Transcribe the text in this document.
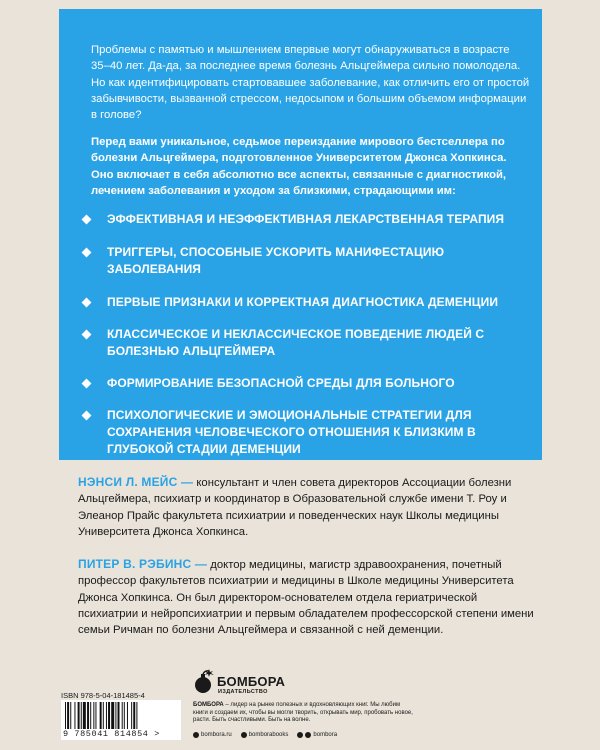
Проблемы с памятью и мышлением впервые могут обнаруживаться в возрасте 35–40 лет. Да-да, за последнее время болезнь Альцгеймера сильно помолодела. Но как идентифицировать стартовавшее заболевание, как отличить его от простой забывчивости, вызванной стрессом, недосыпом и большим объемом информации в голове?

Перед вами уникальное, седьмое переиздание мирового бестселлера по болезни Альцгеймера, подготовленное Университетом Джонса Хопкинса. Оно включает в себя абсолютно все аспекты, связанные с диагностикой, лечением заболевания и уходом за близкими, страдающими им:

ЭФФЕКТИВНАЯ И НЕЭФФЕКТИВНАЯ ЛЕКАРСТВЕННАЯ ТЕРАПИЯ
ТРИГГЕРЫ, СПОСОБНЫЕ УСКОРИТЬ МАНИФЕСТАЦИЮ ЗАБОЛЕВАНИЯ
ПЕРВЫЕ ПРИЗНАКИ И КОРРЕКТНАЯ ДИАГНОСТИКА ДЕМЕНЦИИ
КЛАССИЧЕСКОЕ И НЕКЛАССИЧЕСКОЕ ПОВЕДЕНИЕ ЛЮДЕЙ С БОЛЕЗНЬЮ АЛЬЦГЕЙМЕРА
ФОРМИРОВАНИЕ БЕЗОПАСНОЙ СРЕДЫ ДЛЯ БОЛЬНОГО
ПСИХОЛОГИЧЕСКИЕ И ЭМОЦИОНАЛЬНЫЕ СТРАТЕГИИ ДЛЯ СОХРАНЕНИЯ ЧЕЛОВЕЧЕСКОГО ОТНОШЕНИЯ К БЛИЗКИМ В ГЛУБОКОЙ СТАДИИ ДЕМЕНЦИИ

НЭНСИ Л. МЕЙС — консультант и член совета директоров Ассоциации болезни Альцгеймера, психиатр и координатор в Образовательной службе имени Т. Роу и Элеанор Прайс факультета психиатрии и поведенческих наук Школы медицины Университета Джонса Хопкинса.

ПИТЕР В. РЭБИНС — доктор медицины, магистр здравоохранения, почетный профессор факультетов психиатрии и медицины в Школе медицины Университета Джонса Хопкинса. Он был директором-основателем отдела гериатрической психиатрии и нейропсихиатрии и первым обладателем профессорской степени имени семьи Ричман по болезни Альцгеймера и связанной с ней деменции.

ISBN 978-5-04-181485-4
9 785041 814854 >
БОМБОРА
ИЗДАТЕЛЬСТВО
БОМБОРА – лидер на рынке полезных и вдохновляющих книг. Мы любим книги и создаем их, чтобы вы могли творить, открывать мир, пробовать новое, расти. Быть счастливыми. Быть на волне.
bombora.ru	bomborabooks	bombora
